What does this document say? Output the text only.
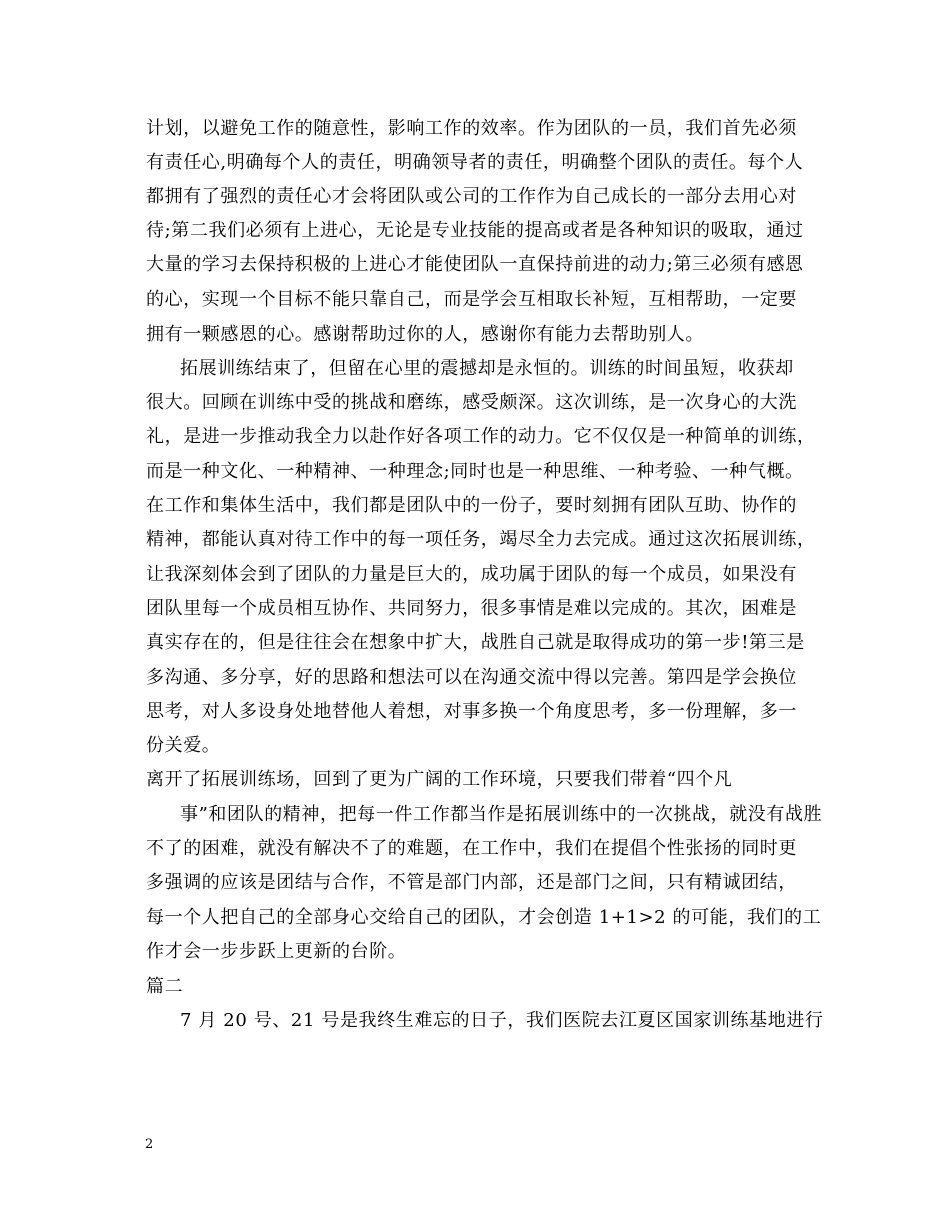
计划，以避免工作的随意性，影响工作的效率。作为团队的一员，我们首先必须
有责任心,明确每个人的责任，明确领导者的责任，明确整个团队的责任。每个人
都拥有了强烈的责任心才会将团队或公司的工作作为自己成长的一部分去用心对
待;第二我们必须有上进心，无论是专业技能的提高或者是各种知识的吸取，通过
大量的学习去保持积极的上进心才能使团队一直保持前进的动力;第三必须有感恩
的心，实现一个目标不能只靠自己，而是学会互相取长补短，互相帮助，一定要
拥有一颗感恩的心。感谢帮助过你的人，感谢你有能力去帮助别人。
拓展训练结束了，但留在心里的震撼却是永恒的。训练的时间虽短，收获却
很大。回顾在训练中受的挑战和磨练，感受颇深。这次训练，是一次身心的大洗
礼，是进一步推动我全力以赴作好各项工作的动力。它不仅仅是一种简单的训练，
而是一种文化、一种精神、一种理念;同时也是一种思维、一种考验、一种气概。
在工作和集体生活中，我们都是团队中的一份子，要时刻拥有团队互助、协作的
精神，都能认真对待工作中的每一项任务，竭尽全力去完成。通过这次拓展训练，
让我深刻体会到了团队的力量是巨大的，成功属于团队的每一个成员，如果没有
团队里每一个成员相互协作、共同努力，很多事情是难以完成的。其次，困难是
真实存在的，但是往往会在想象中扩大，战胜自己就是取得成功的第一步!第三是
多沟通、多分享，好的思路和想法可以在沟通交流中得以完善。第四是学会换位
思考，对人多设身处地替他人着想，对事多换一个角度思考，多一份理解，多一
份关爱。
离开了拓展训练场，回到了更为广阔的工作环境，只要我们带着“四个凡
事”和团队的精神，把每一件工作都当作是拓展训练中的一次挑战，就没有战胜
不了的困难，就没有解决不了的难题，在工作中，我们在提倡个性张扬的同时更
多强调的应该是团结与合作，不管是部门内部，还是部门之间，只有精诚团结，
每一个人把自己的全部身心交给自己的团队，才会创造 1+1>2 的可能，我们的工
作才会一步步跃上更新的台阶。
篇二
7 月 20 号、21 号是我终生难忘的日子，我们医院去江夏区国家训练基地进行
2
